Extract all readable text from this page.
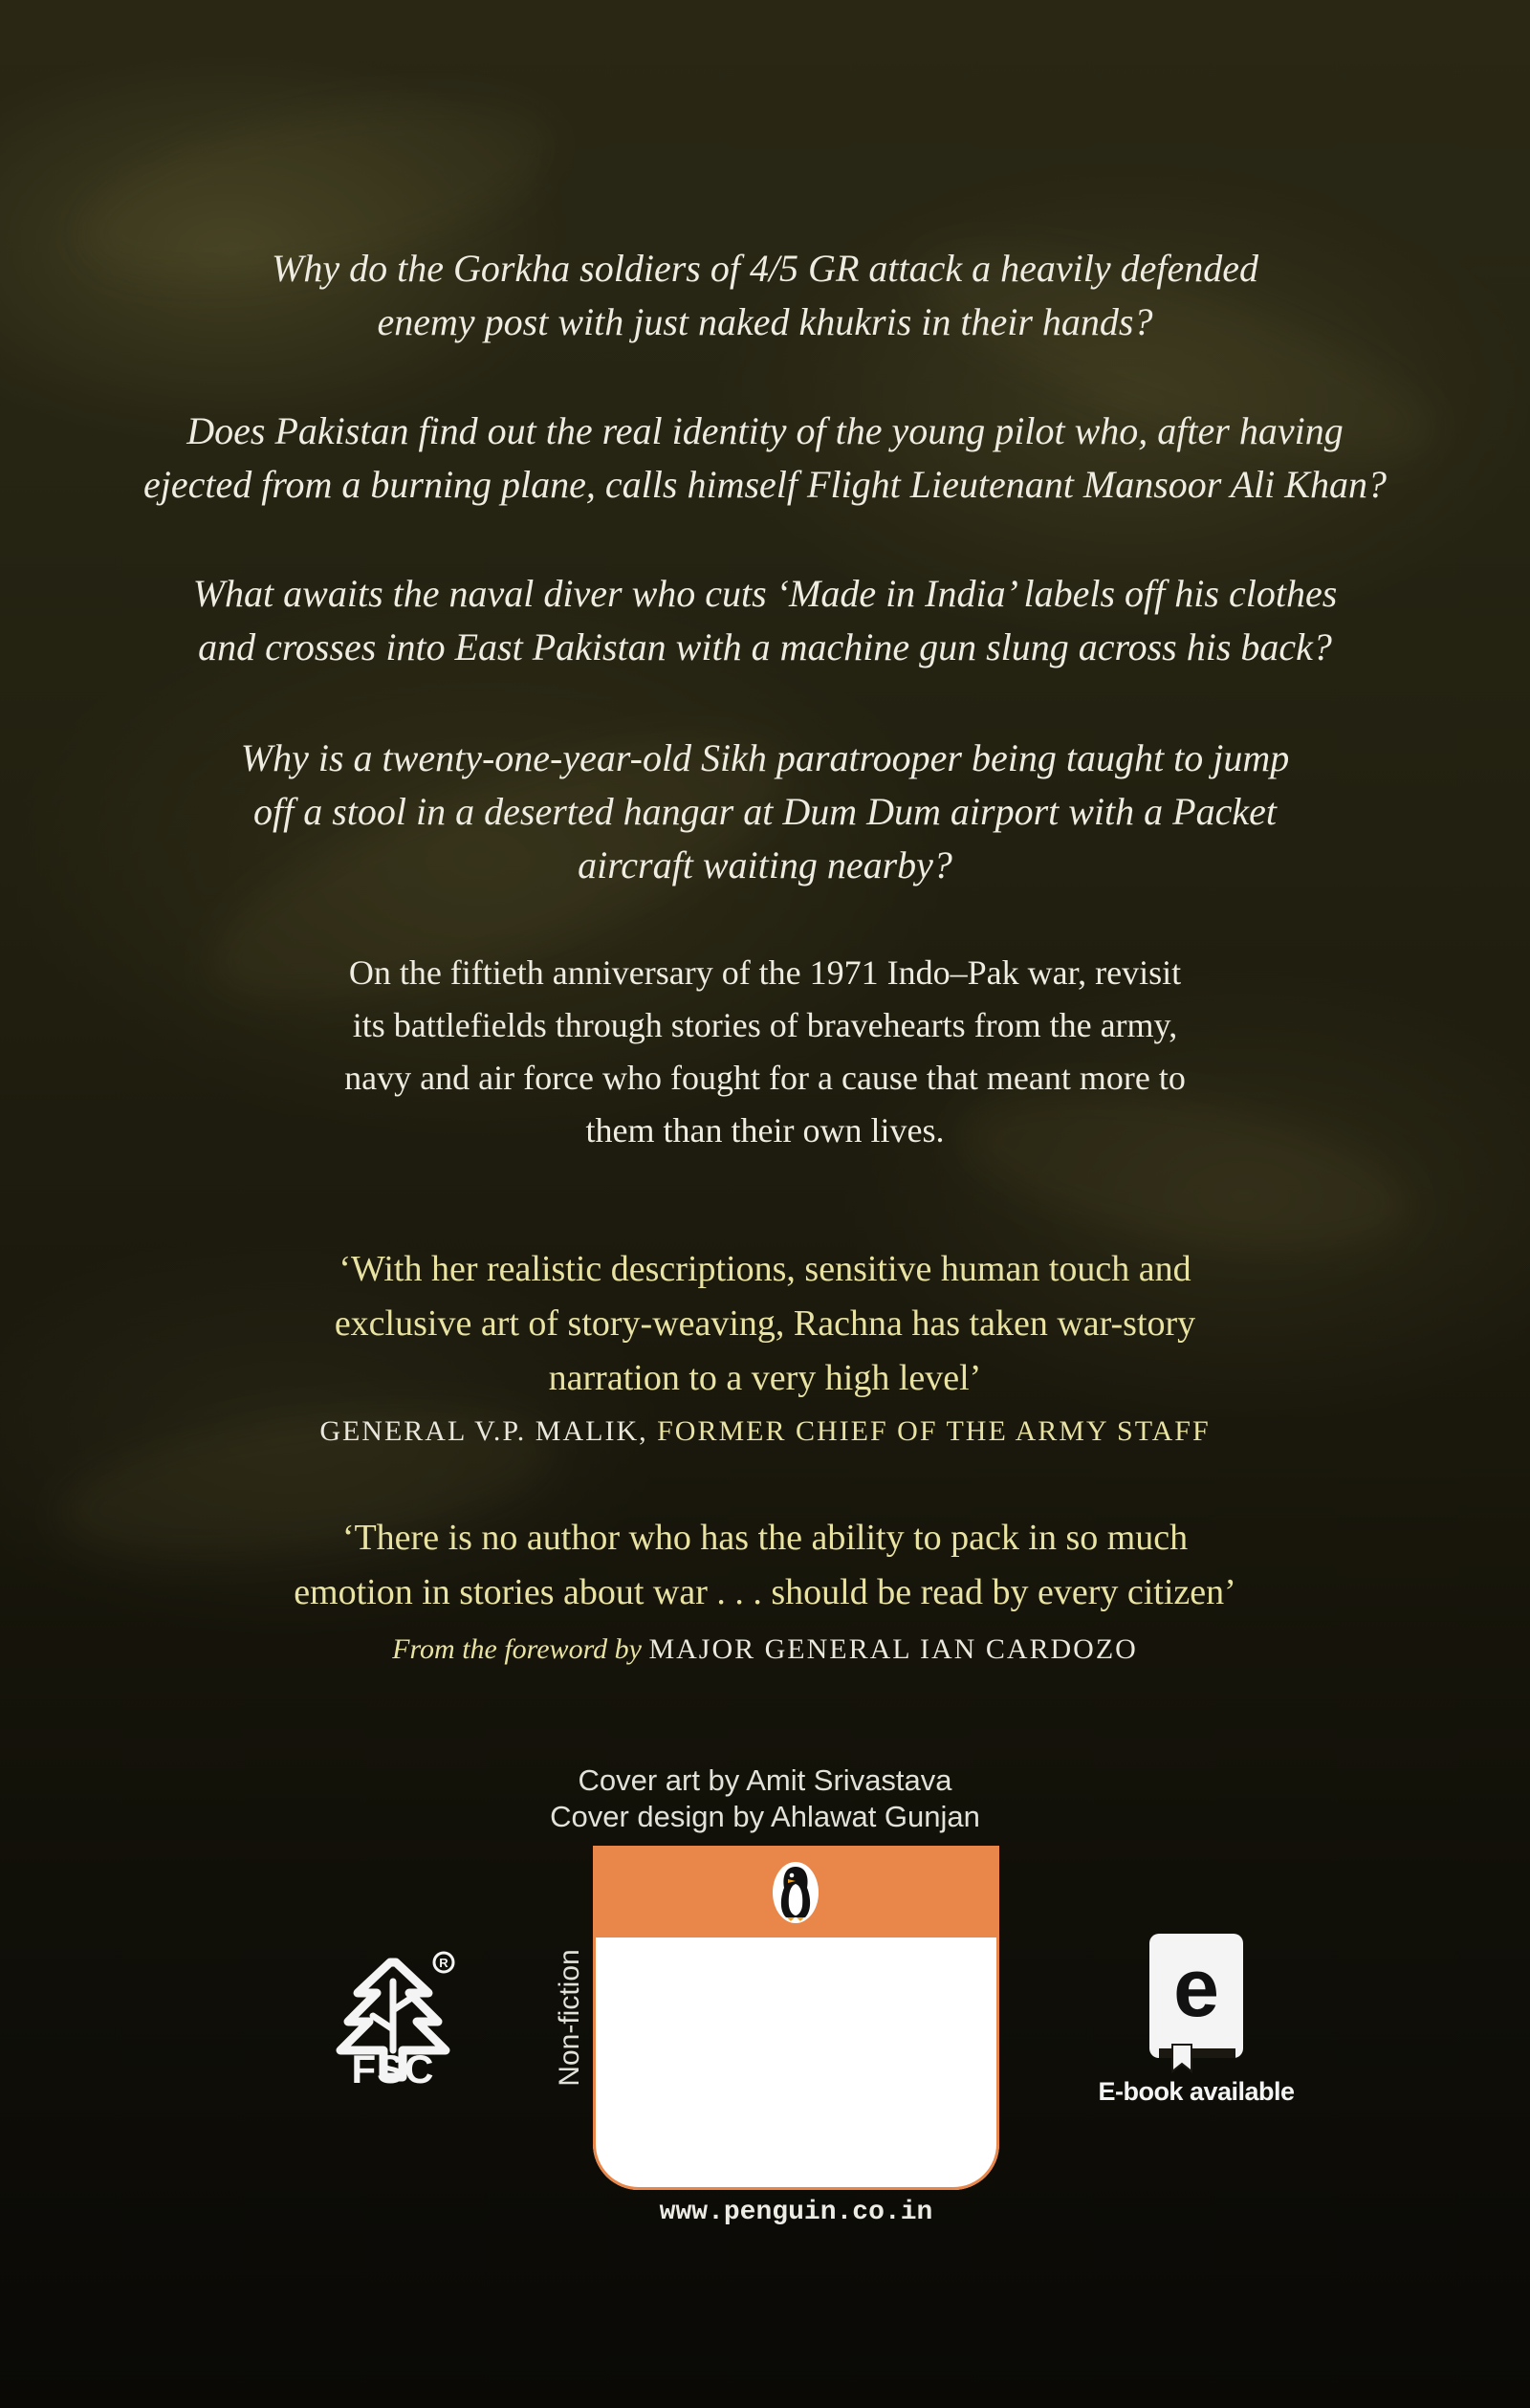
Why do the Gorkha soldiers of 4/5 GR attack a heavily defended
enemy post with just naked khukris in their hands?
Does Pakistan find out the real identity of the young pilot who, after having
ejected from a burning plane, calls himself Flight Lieutenant Mansoor Ali Khan?
What awaits the naval diver who cuts ‘Made in India’ labels off his clothes
and crosses into East Pakistan with a machine gun slung across his back?
Why is a twenty-one-year-old Sikh paratrooper being taught to jump
off a stool in a deserted hangar at Dum Dum airport with a Packet
aircraft waiting nearby?
On the fiftieth anniversary of the 1971 Indo–Pak war, revisit
its battlefields through stories of bravehearts from the army,
navy and air force who fought for a cause that meant more to
them than their own lives.
‘With her realistic descriptions, sensitive human touch and
exclusive art of story-weaving, Rachna has taken war-story
narration to a very high level’
GENERAL V.P. MALIK, FORMER CHIEF OF THE ARMY STAFF
‘There is no author who has the ability to pack in so much
emotion in stories about war . . . should be read by every citizen’
From the foreword by MAJOR GENERAL IAN CARDOZO
Cover art by Amit Srivastava
Cover design by Ahlawat Gunjan
R
FSC	Non-fiction
www.penguin.co.in
e
E-book available
